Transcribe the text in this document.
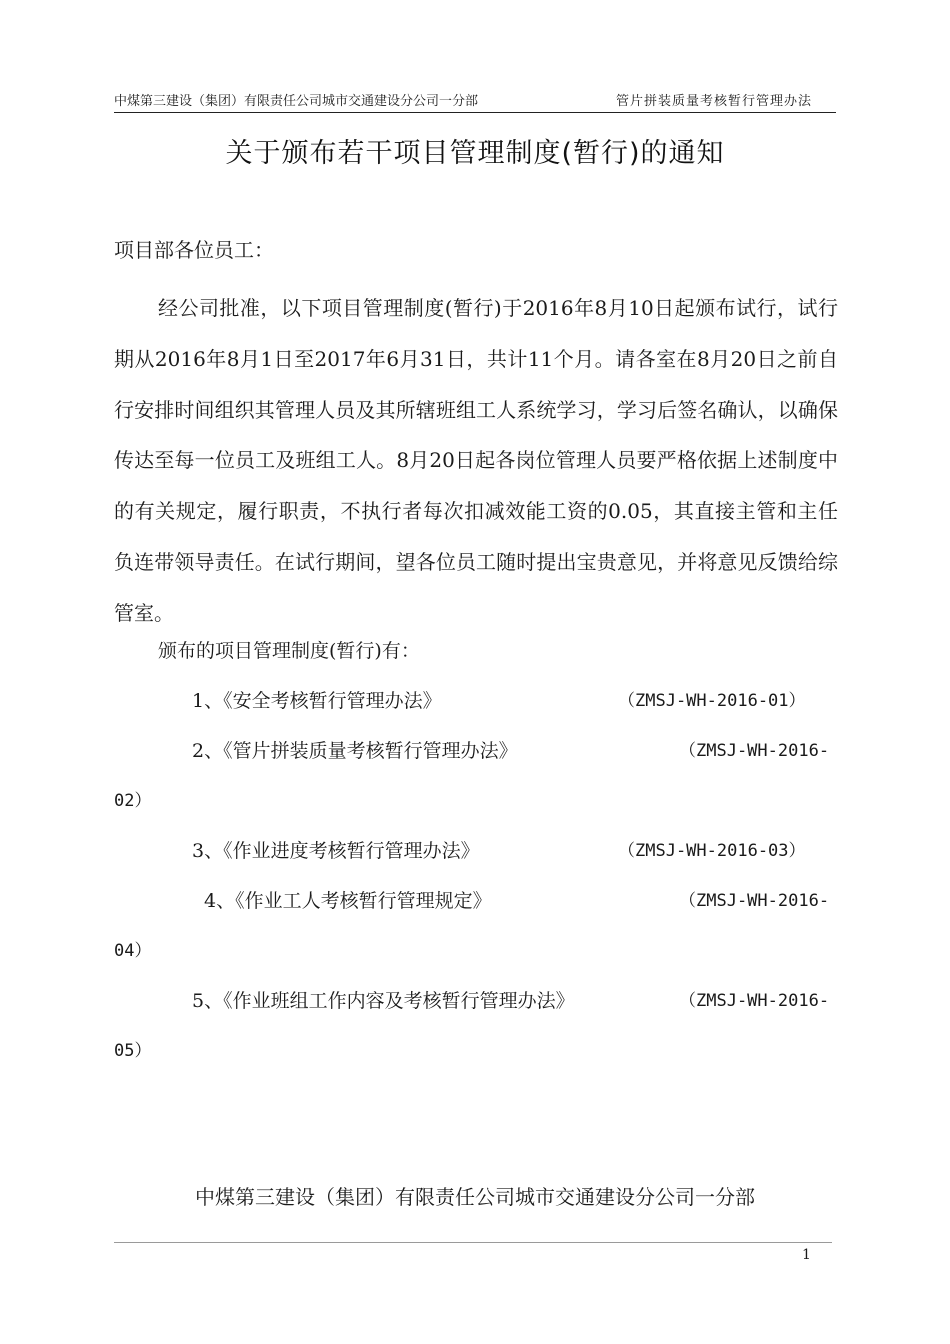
中煤第三建设（集团）有限责任公司城市交通建设分公司一分部	管片拼装质量考核暂行管理办法
关于颁布若干项目管理制度(暂行)的通知
项目部各位员工：
经公司批准，以下项目管理制度(暂行)于2016年8月10日起颁布试行，试行期从2016年8月1日至2017年6月31日，共计11个月。请各室在8月20日之前自行安排时间组织其管理人员及其所辖班组工人系统学习，学习后签名确认，以确保传达至每一位员工及班组工人。8月20日起各岗位管理人员要严格依据上述制度中的有关规定，履行职责，不执行者每次扣减效能工资的0.05，其直接主管和主任负连带领导责任。在试行期间，望各位员工随时提出宝贵意见，并将意见反馈给综管室。
颁布的项目管理制度(暂行)有：
1、《安全考核暂行管理办法》	（ZMSJ-WH-2016-01）
2、《管片拼装质量考核暂行管理办法》	（ZMSJ-WH-2016-
02）
3、《作业进度考核暂行管理办法》	（ZMSJ-WH-2016-03）
4、《作业工人考核暂行管理规定》	（ZMSJ-WH-2016-
04）
5、《作业班组工作内容及考核暂行管理办法》	（ZMSJ-WH-2016-
05）
中煤第三建设（集团）有限责任公司城市交通建设分公司一分部
1
